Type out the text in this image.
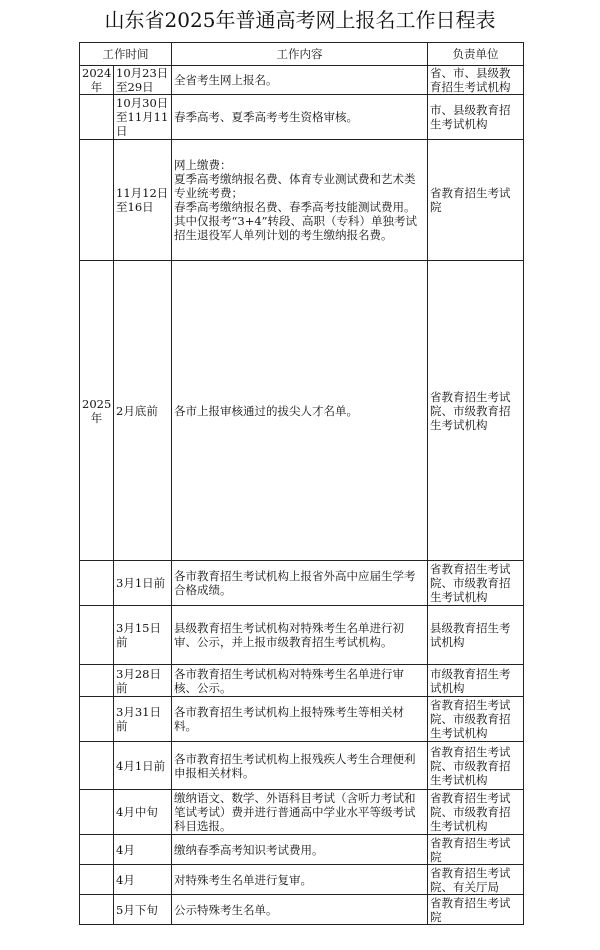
山东省2025年普通高考网上报名工作日程表
工作时间		工作内容	负责单位
2024年	10月23日至29日	全省考生网上报名。	省、市、县级教育招生考试机构
	10月30日至11月11日	春季高考、夏季高考考生资格审核。	市、县级教育招生考试机构
	11月12日至16日	网上缴费：
夏季高考缴纳报名费、体育专业测试费和艺术类专业统考费；
春季高考缴纳报名费、春季高考技能测试费用。其中仅报考“3+4”转段、高职（专科）单独考试招生退役军人单列计划的考生缴纳报名费。	省教育招生考试院
2025年	2月底前	各市上报审核通过的拔尖人才名单。	省教育招生考试院、市级教育招生考试机构
	3月1日前	各市教育招生考试机构上报省外高中应届生学考合格成绩。	省教育招生考试院、市级教育招生考试机构
	3月15日前	县级教育招生考试机构对特殊考生名单进行初审、公示，并上报市级教育招生考试机构。	县级教育招生考试机构
	3月28日前	各市教育招生考试机构对特殊考生名单进行审核、公示。	市级教育招生考试机构
	3月31日前	各市教育招生考试机构上报特殊考生等相关材料。	省教育招生考试院、市级教育招生考试机构
	4月1日前	各市教育招生考试机构上报残疾人考生合理便利申报相关材料。	省教育招生考试院、市级教育招生考试机构
	4月中旬	缴纳语文、数学、外语科目考试（含听力考试和笔试考试）费并进行普通高中学业水平等级考试科目选报。	省教育招生考试院、市级教育招生考试机构
	4月	缴纳春季高考知识考试费用。	省教育招生考试院
	4月	对特殊考生名单进行复审。	省教育招生考试院、有关厅局
	5月下旬	公示特殊考生名单。	省教育招生考试院
